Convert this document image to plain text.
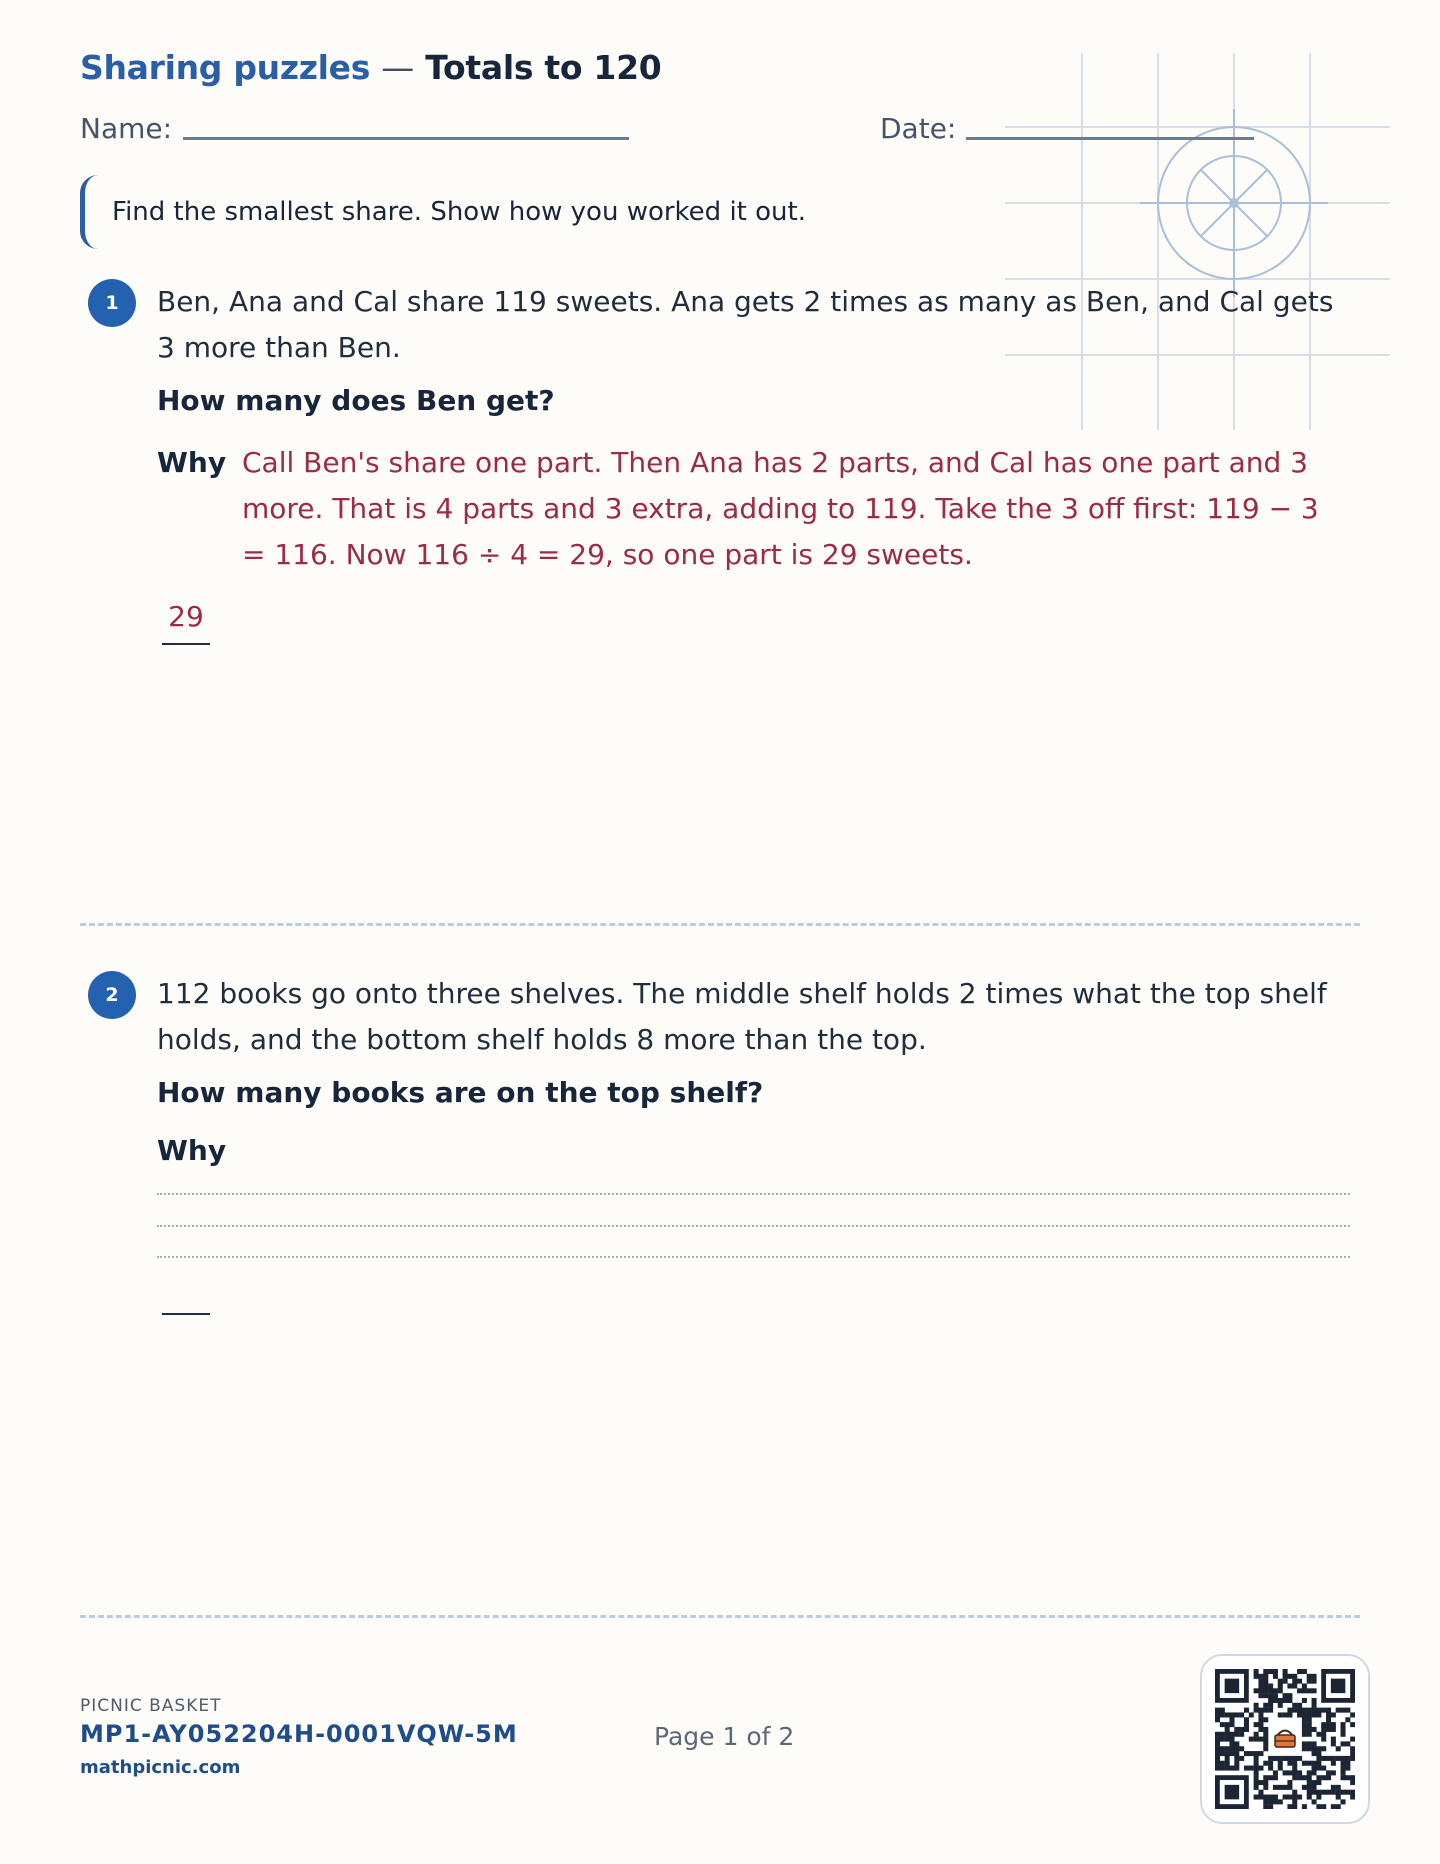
Sharing puzzles — Totals to 120
Name:	Date:
Find the smallest share. Show how you worked it out.
1	Ben, Ana and Cal share 119 sweets. Ana gets 2 times as many as Ben, and Cal gets 3 more than Ben.
How many does Ben get?
Why Call Ben's share one part. Then Ana has 2 parts, and Cal has one part and 3 more. That is 4 parts and 3 extra, adding to 119. Take the 3 off first: 119 − 3 = 116. Now 116 ÷ 4 = 29, so one part is 29 sweets.
29
2	112 books go onto three shelves. The middle shelf holds 2 times what the top shelf holds, and the bottom shelf holds 8 more than the top.
How many books are on the top shelf?
Why
PICNIC BASKET
MP1-AY052204H-0001VQW-5M
mathpicnic.com
Page 1 of 2
